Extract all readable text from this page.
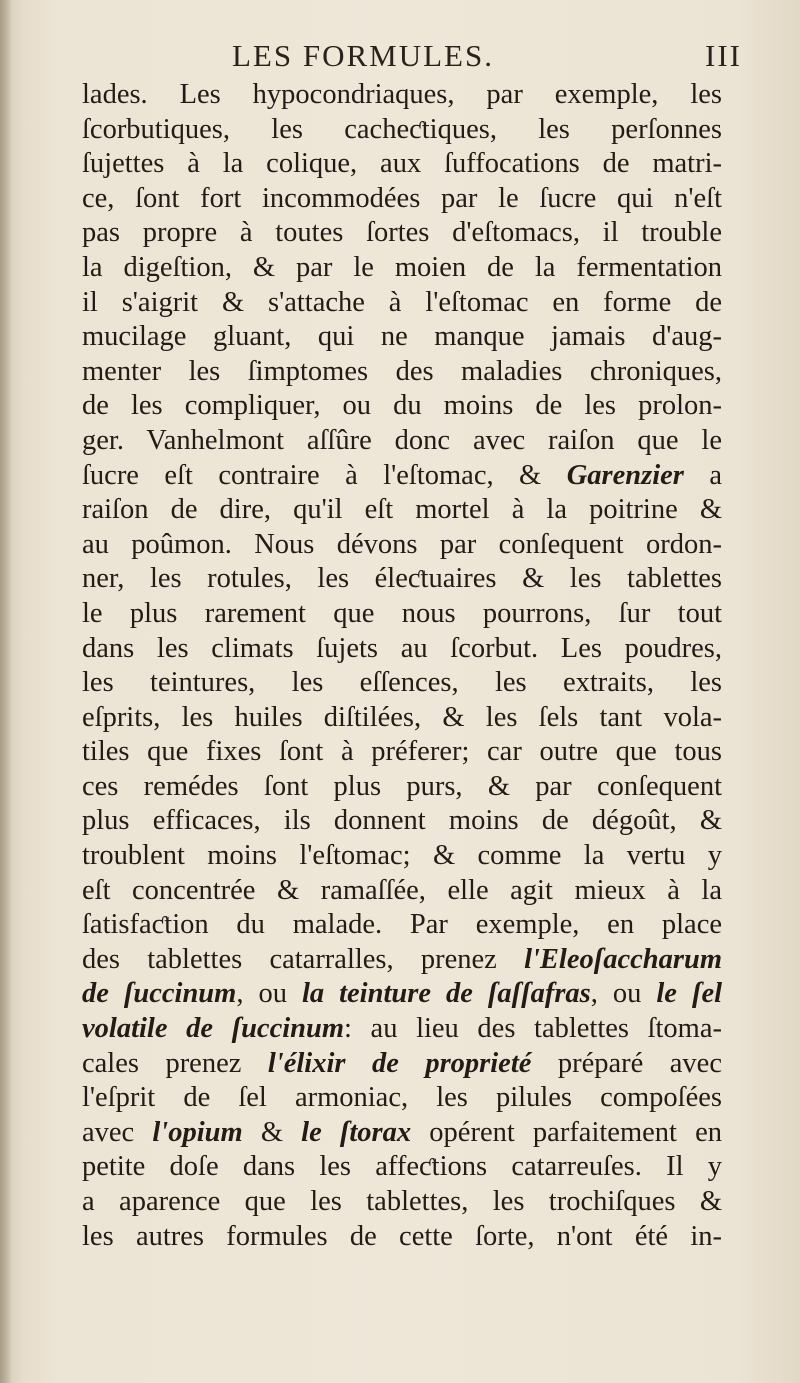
LES FORMULES.	III
lades. Les hypocondriaques, par exemple, les
ſcorbutiques, les cacheƈtiques, les perſonnes
ſujettes à la colique, aux ſuffocations de matri-
ce, ſont fort incommodées par le ſucre qui n'eſt
pas propre à toutes ſortes d'eſtomacs, il trouble
la digeſtion, & par le moien de la fermentation
il s'aigrit & s'attache à l'eſtomac en forme de
mucilage gluant, qui ne manque jamais d'aug-
menter les ſimptomes des maladies chroniques,
de les compliquer, ou du moins de les prolon-
ger. Vanhelmont aſſûre donc avec raiſon que le
ſucre eſt contraire à l'eſtomac, & Garenzier a
raiſon de dire, qu'il eſt mortel à la poitrine &
au poûmon. Nous dévons par conſequent ordon-
ner, les rotules, les éleƈtuaires & les tablettes
le plus rarement que nous pourrons, ſur tout
dans les climats ſujets au ſcorbut. Les poudres,
les teintures, les eſſences, les extraits, les
eſprits, les huiles diſtilées, & les ſels tant vola-
tiles que fixes ſont à préferer; car outre que tous
ces remédes ſont plus purs, & par conſequent
plus efficaces, ils donnent moins de dégoût, &
troublent moins l'eſtomac; & comme la vertu y
eſt concentrée & ramaſſée, elle agit mieux à la
ſatisfaƈtion du malade. Par exemple, en place
des tablettes catarralles, prenez l'Eleoſaccharum
de ſuccinum, ou la teinture de ſaſſafras, ou le ſel
volatile de ſuccinum: au lieu des tablettes ſtoma-
cales prenez l'élixir de proprieté préparé avec
l'eſprit de ſel armoniac, les pilules compoſées
avec l'opium & le ſtorax opérent parfaitement en
petite doſe dans les affeƈtions catarreuſes. Il y
a aparence que les tablettes, les trochiſques &
les autres formules de cette ſorte, n'ont été in-
